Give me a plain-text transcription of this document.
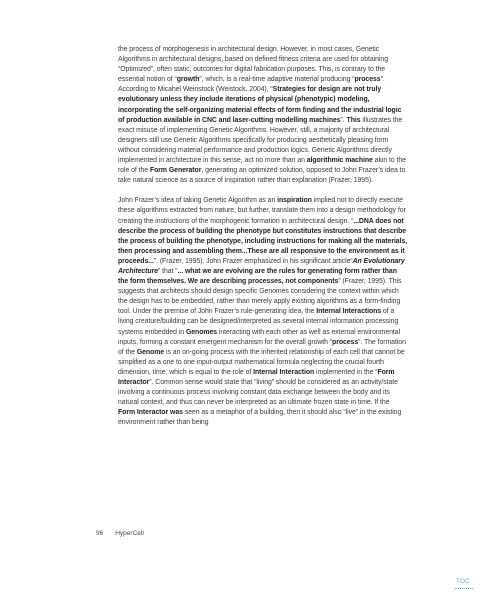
the process of morphogenesis in architectural design. However, in most cases, Genetic Algorithms in architectural designs, based on defined fitness criteria are used for obtaining “Optimized”, often static, outcomes for digital fabrication purposes. This, is contrary to the essential notion of “growth”, which, is a real-time adaptive material producing “process”. According to Micahel Weinstock (Weistock, 2004), “Strategies for design are not truly evolutionary unless they include iterations of physical (phenotypic) modeling, incorporating the self-organizing material effects of form finding and the industrial logic of production available in CNC and laser-cutting modelling machines”. This illustrates the exact misuse of implementing Genetic Algorithms. However, still, a majority of architectural designers still use Genetic Algorithms specifically for producing aesthetically pleasing form without considering material performance and production logics. Genetic Algorithms directly implemented in architecture in this sense, act no more than an algorithmic machine akin to the role of the Form Generator, generating an optimized solution, opposed to John Frazer’s idea to take natural science as a source of inspiration rather than explanation (Frazer, 1995).

John Frazer’s idea of taking Genetic Algorithm as an inspiration implied not to directly execute these algorithms extracted from nature, but further, translate them into a design methodology for creating the instructions of the morphogenic formation in architectural design. “...DNA does not describe the process of building the phenotype but constitutes instructions that describe the process of building the phenotype, including instructions for making all the materials, then processing and assembling them...These are all responsive to the environment as it proceeds...”. (Frazer, 1995). John Frazer emphasized in his significant article“An Evolutionary Architecture” that “... what we are evolving are the rules for generating form rather than the form themselves. We are describing processes, not components” (Frazer, 1995). This suggests that architects should design specific Genomes considering the context within which the design has to be embedded, rather than merely apply existing algorithms as a form-finding tool. Under the premise of John Frazer’s rule-generating idea, the Internal Interactions of a living creature/building can be designed/interpreted as several internal information processing systems embedded in Genomes interacting with each other as well as external environmental inputs, forming a constant emergent mechanism for the overall growth “process”. The formation of the Genome is an on-going process with the inherited relationship of each cell that cannot be simplified as a one to one input-output mathematical formula neglecting the crucial fourth dimension, time, which is equal to the role of Internal Interaction implemented in the “Form Interactor”. Common sense would state that “living” should be considered as an activity/state involving a continuous process involving constant data exchange between the body and its natural context, and thus can never be interpreted as an ultimate frozen state in time. If the Form Interactor was seen as a metaphor of a building, then it should also “live” in the existing environment rather than being

96 HyperCell
TOC
